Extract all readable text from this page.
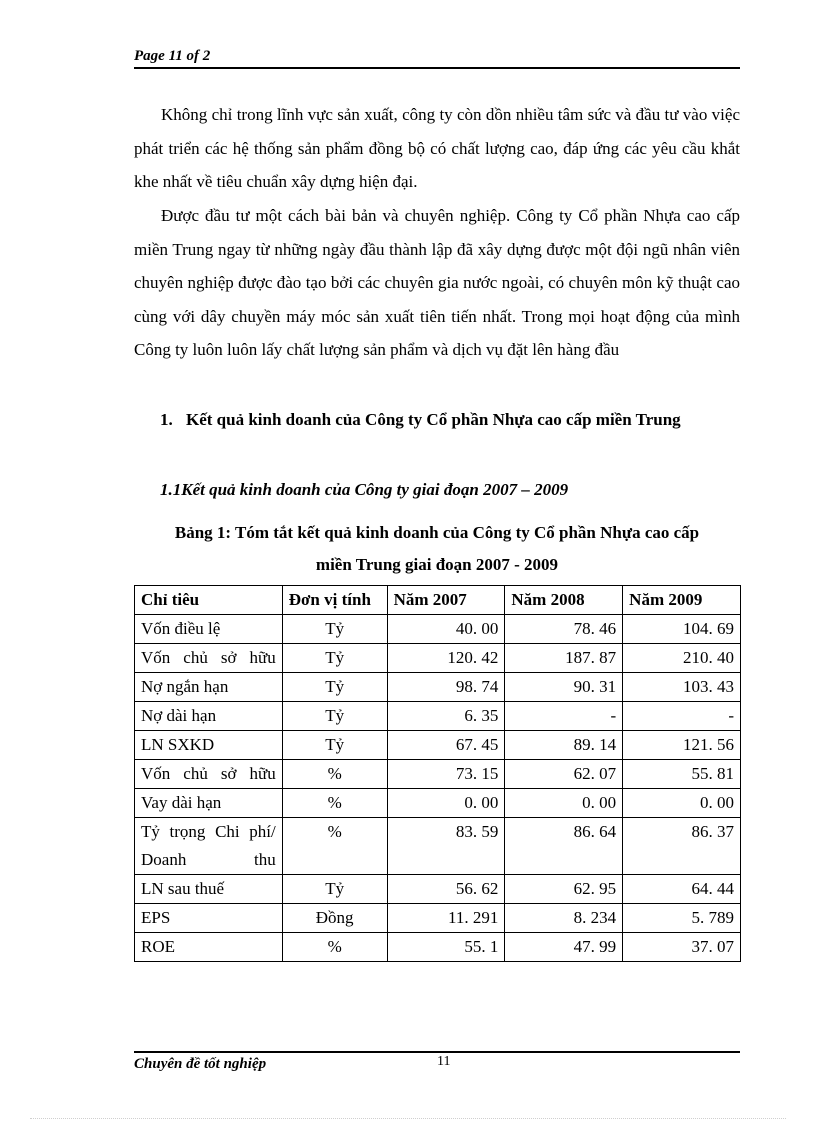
Page 11 of 2

Không chỉ trong lĩnh vực sản xuất, công ty còn dồn nhiều tâm sức và đầu tư vào việc phát triển các hệ thống sản phẩm đồng bộ có chất lượng cao, đáp ứng các yêu cầu khắt khe nhất về tiêu chuẩn xây dựng hiện đại.

Được đầu tư một cách bài bản và chuyên nghiệp. Công ty Cổ phần Nhựa cao cấp miền Trung ngay từ những ngày đầu thành lập đã xây dựng được một đội ngũ nhân viên chuyên nghiệp được đào tạo bởi các chuyên gia nước ngoài, có chuyên môn kỹ thuật cao cùng với dây chuyền máy móc sản xuất tiên tiến nhất. Trong mọi hoạt động của mình Công ty luôn luôn lấy chất lượng sản phẩm và dịch vụ đặt lên hàng đầu

1. Kết quả kinh doanh của Công ty Cổ phần Nhựa cao cấp miền Trung
1.1Kết quả kinh doanh của Công ty giai đoạn 2007 – 2009
Bảng 1: Tóm tắt kết quả kinh doanh của Công ty Cổ phần Nhựa cao cấp
miền Trung giai đoạn 2007 - 2009
Chỉ tiêu	Đơn vị tính	Năm 2007	Năm 2008	Năm 2009
Vốn điều lệ	Tỷ	40. 00	78. 46	104. 69
Vốn chủ sở hữu	Tỷ	120. 42	187. 87	210. 40
Nợ ngắn hạn	Tỷ	98. 74	90. 31	103. 43
Nợ dài hạn	Tỷ	6. 35	-	-
LN SXKD	Tỷ	67. 45	89. 14	121. 56
Vốn chủ sở hữu	%	73. 15	62. 07	55. 81
Vay dài hạn	%	0. 00	0. 00	0. 00
Tỷ trọng Chi phí/ Doanh thu	%	83. 59	86. 64	86. 37
LN sau thuế	Tỷ	56. 62	62. 95	64. 44
EPS	Đồng	11. 291	8. 234	5. 789
ROE	%	55. 1	47. 99	37. 07
Chuyên đề tốt nghiệp	11
